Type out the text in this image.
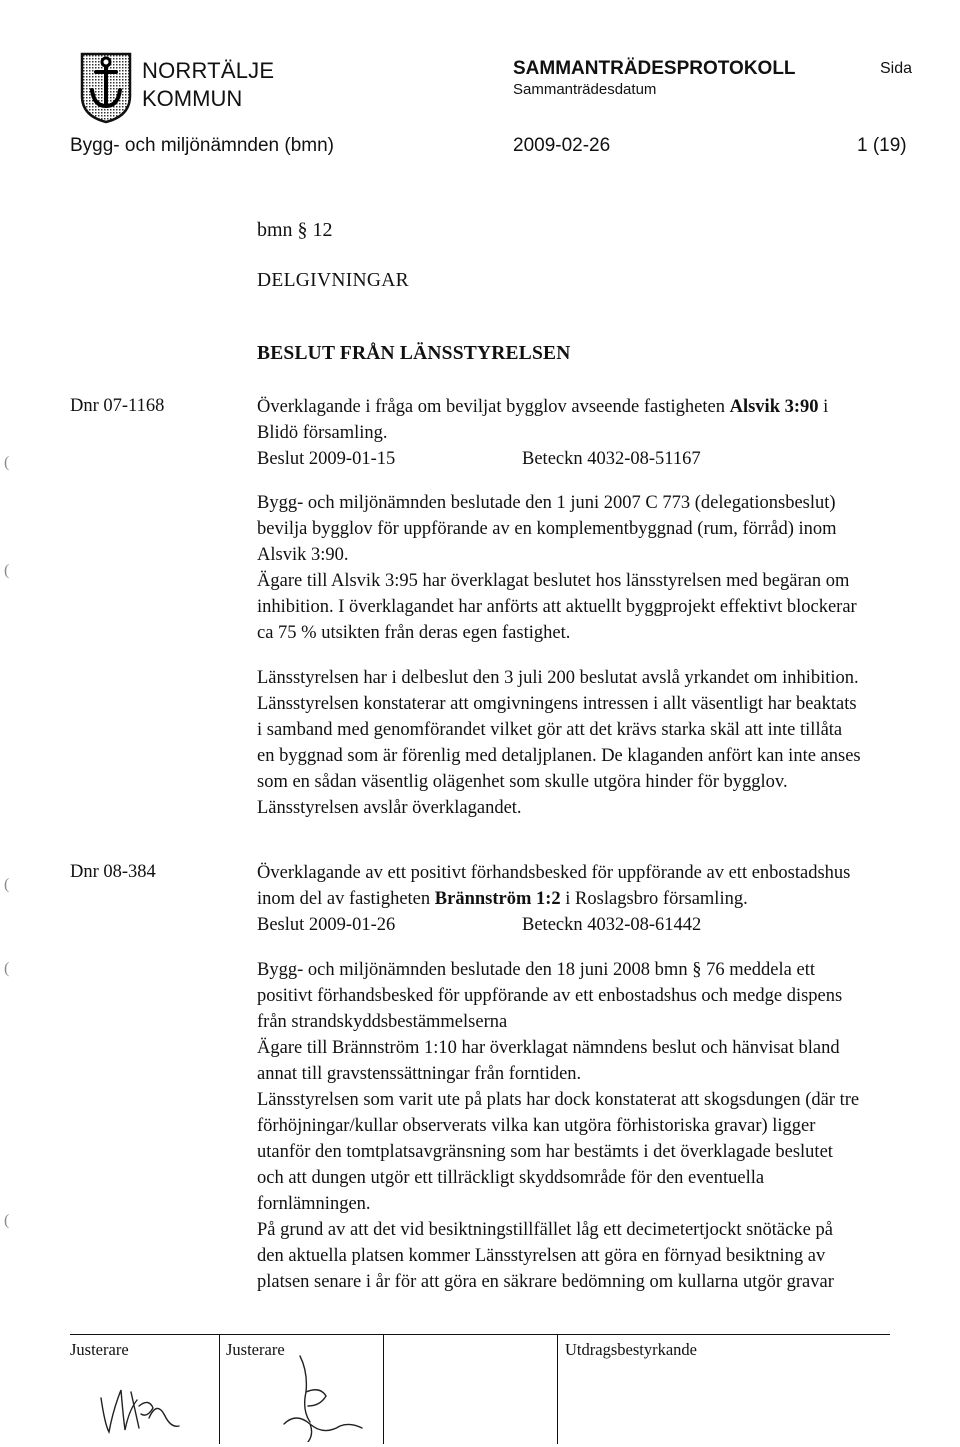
NORRTÄLJE
KOMMUN
SAMMANTRÄDESPROTOKOLL
Sammanträdesdatum
Sida
Bygg- och miljönämnden (bmn)	2009-02-26	1 (19)
bmn § 12
DELGIVNINGAR
BESLUT FRÅN LÄNSSTYRELSEN
Dnr 07-1168	Överklagande i fråga om beviljat bygglov avseende fastigheten Alsvik 3:90 i

Blidö församling.

Beslut 2009-01-15	Beteckn 4032-08-51167

Bygg- och miljönämnden beslutade den 1 juni 2007 C 773 (delegationsbeslut)

bevilja bygglov för uppförande av en komplementbyggnad (rum, förråd) inom

Alsvik 3:90.

Ägare till Alsvik 3:95 har överklagat beslutet hos länsstyrelsen med begäran om

inhibition. I överklagandet har anförts att aktuellt byggprojekt effektivt blockerar

ca 75 % utsikten från deras egen fastighet.

Länsstyrelsen har i delbeslut den 3 juli 200 beslutat avslå yrkandet om inhibition.

Länsstyrelsen konstaterar att omgivningens intressen i allt väsentligt har beaktats

i samband med genomförandet vilket gör att det krävs starka skäl att inte tillåta

en byggnad som är förenlig med detaljplanen. De klaganden anfört kan inte anses

som en sådan väsentlig olägenhet som skulle utgöra hinder för bygglov.

Länsstyrelsen avslår överklagandet.

Dnr 08-384	Överklagande av ett positivt förhandsbesked för uppförande av ett enbostadshus

inom del av fastigheten Brännström 1:2 i Roslagsbro församling.

Beslut 2009-01-26	Beteckn 4032-08-61442

Bygg- och miljönämnden beslutade den 18 juni 2008 bmn § 76 meddela ett

positivt förhandsbesked för uppförande av ett enbostadshus och medge dispens

från strandskyddsbestämmelserna

Ägare till Brännström 1:10 har överklagat nämndens beslut och hänvisat bland

annat till gravstenssättningar från forntiden.

Länsstyrelsen som varit ute på plats har dock konstaterat att skogsdungen (där tre

förhöjningar/kullar observerats vilka kan utgöra förhistoriska gravar) ligger

utanför den tomtplatsavgränsning som har bestämts i det överklagade beslutet

och att dungen utgör ett tillräckligt skyddsområde för den eventuella

fornlämningen.

På grund av att det vid besiktningstillfället låg ett decimetertjockt snötäcke på

den aktuella platsen kommer Länsstyrelsen att göra en förnyad besiktning av

platsen senare i år för att göra en säkrare bedömning om kullarna utgör gravar

(
(
(
(
(
Justerare	Justerare	Utdragsbestyrkande
